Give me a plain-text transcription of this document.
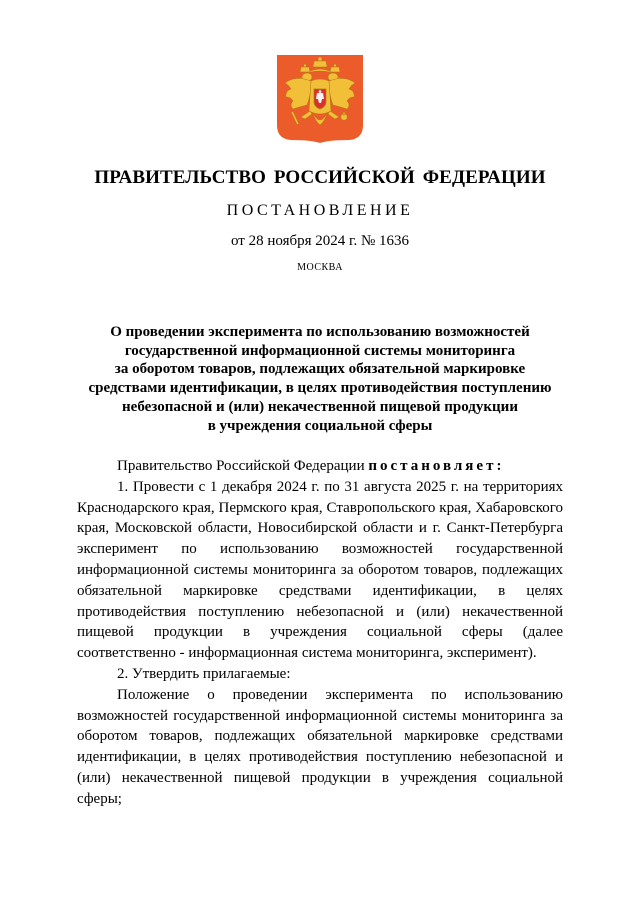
ПРАВИТЕЛЬСТВО РОССИЙСКОЙ ФЕДЕРАЦИИ
ПОСТАНОВЛЕНИЕ
от 28 ноября 2024 г. № 1636
МОСКВА
О проведении эксперимента по использованию возможностей
государственной информационной системы мониторинга
за оборотом товаров, подлежащих обязательной маркировке
средствами идентификации, в целях противодействия поступлению
небезопасной и (или) некачественной пищевой продукции
в учреждения социальной сферы

Правительство Российской Федерации постановляет:

1. Провести с 1 декабря 2024 г. по 31 августа 2025 г. на территориях Краснодарского края, Пермского края, Ставропольского края, Хабаровского края, Московской области, Новосибирской области и г. Санкт-Петербурга эксперимент по использованию возможностей государственной информационной системы мониторинга за оборотом товаров, подлежащих обязательной маркировке средствами идентификации, в целях противодействия поступлению небезопасной и (или) некачественной пищевой продукции в учреждения социальной сферы (далее соответственно - информационная система мониторинга, эксперимент).

2. Утвердить прилагаемые:

Положение о проведении эксперимента по использованию возможностей государственной информационной системы мониторинга за оборотом товаров, подлежащих обязательной маркировке средствами идентификации, в целях противодействия поступлению небезопасной и (или) некачественной пищевой продукции в учреждения социальной сферы;
